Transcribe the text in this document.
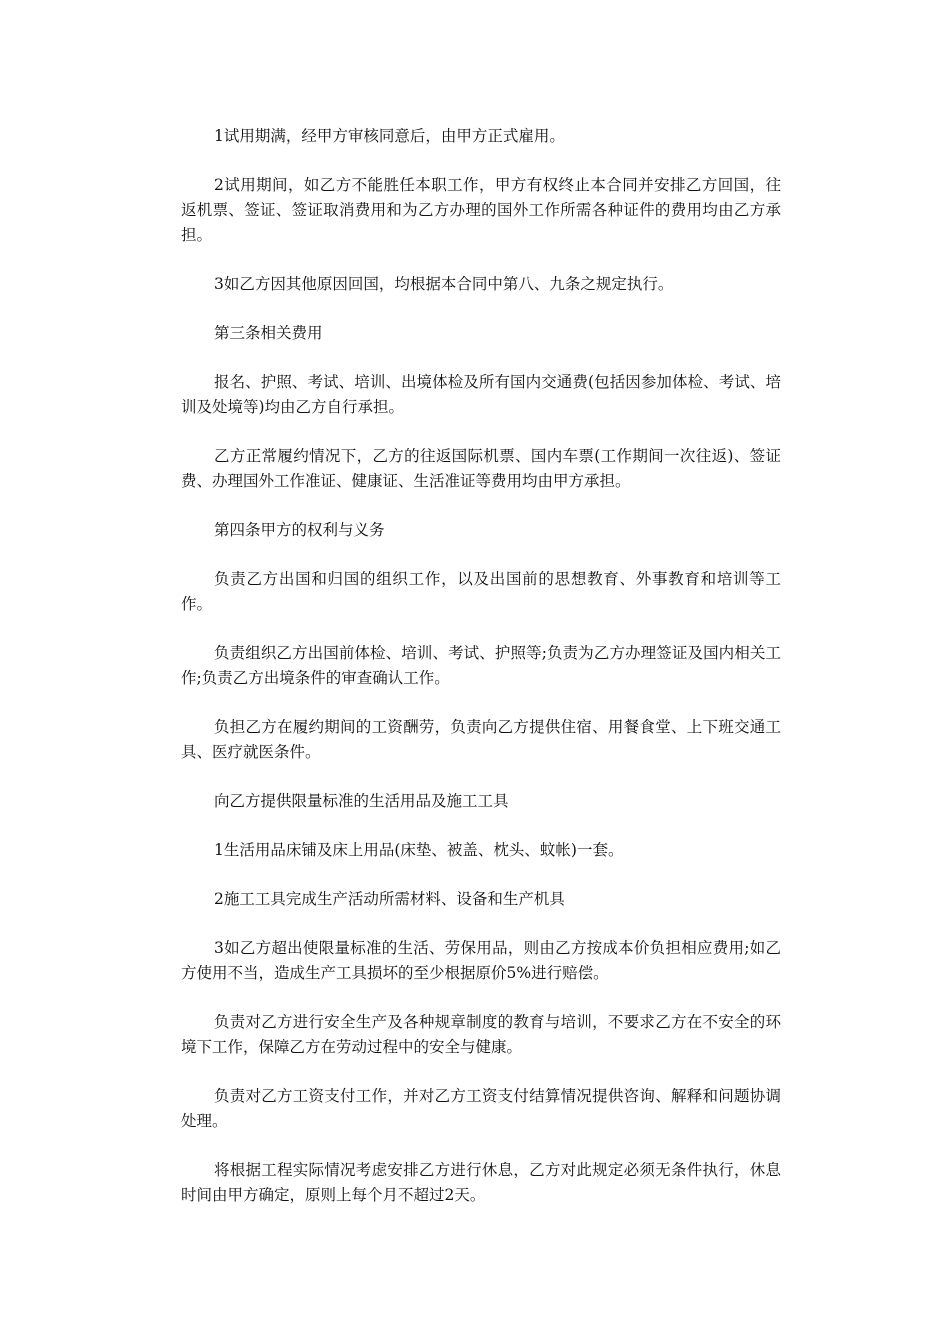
1试用期满，经甲方审核同意后，由甲方正式雇用。

2试用期间，如乙方不能胜任本职工作，甲方有权终止本合同并安排乙方回国，往返机票、签证、签证取消费用和为乙方办理的国外工作所需各种证件的费用均由乙方承担。

3如乙方因其他原因回国，均根据本合同中第八、九条之规定执行。

第三条相关费用

报名、护照、考试、培训、出境体检及所有国内交通费(包括因参加体检、考试、培训及处境等)均由乙方自行承担。

乙方正常履约情况下，乙方的往返国际机票、国内车票(工作期间一次往返)、签证费、办理国外工作准证、健康证、生活准证等费用均由甲方承担。

第四条甲方的权利与义务

负责乙方出国和归国的组织工作，以及出国前的思想教育、外事教育和培训等工作。

负责组织乙方出国前体检、培训、考试、护照等;负责为乙方办理签证及国内相关工作;负责乙方出境条件的审查确认工作。

负担乙方在履约期间的工资酬劳，负责向乙方提供住宿、用餐食堂、上下班交通工具、医疗就医条件。

向乙方提供限量标准的生活用品及施工工具

1生活用品床铺及床上用品(床垫、被盖、枕头、蚊帐)一套。

2施工工具完成生产活动所需材料、设备和生产机具

3如乙方超出使限量标准的生活、劳保用品，则由乙方按成本价负担相应费用;如乙方使用不当，造成生产工具损坏的至少根据原价5%进行赔偿。

负责对乙方进行安全生产及各种规章制度的教育与培训，不要求乙方在不安全的环境下工作，保障乙方在劳动过程中的安全与健康。

负责对乙方工资支付工作，并对乙方工资支付结算情况提供咨询、解释和问题协调处理。

将根据工程实际情况考虑安排乙方进行休息，乙方对此规定必须无条件执行，休息时间由甲方确定，原则上每个月不超过2天。
